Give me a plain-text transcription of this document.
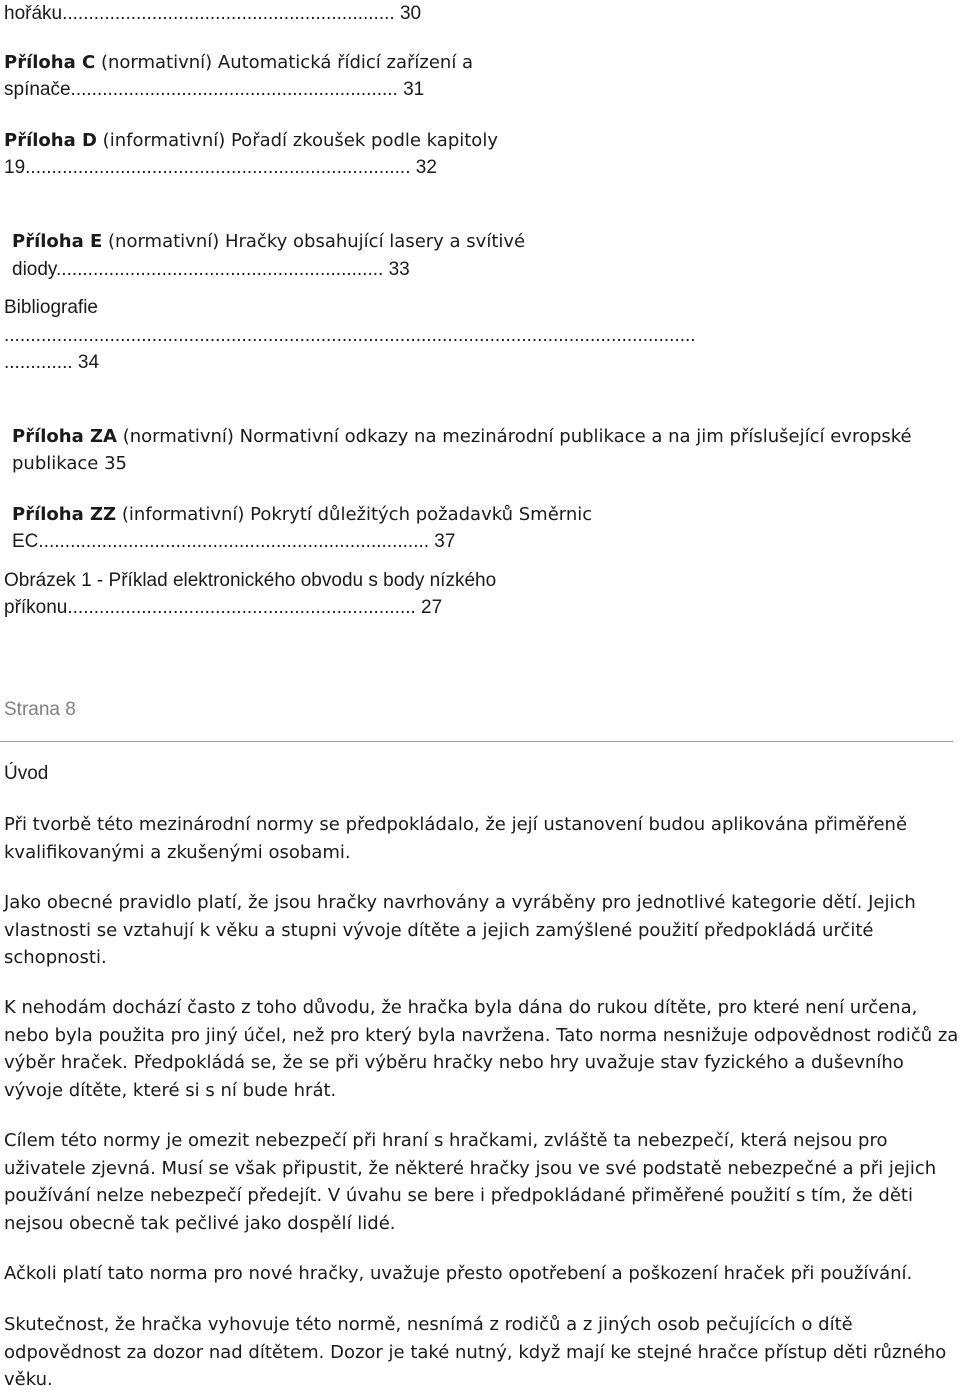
hořáku............................................................... 30
Příloha C (normativní) Automatická řídicí zařízení a
spínače.............................................................. 31
Příloha D (informativní) Pořadí zkoušek podle kapitoly
19......................................................................... 32
Příloha E (normativní) Hračky obsahující lasery a svítivé
diody.............................................................. 33
Bibliografie
...................................................................................................................................
............. 34
Příloha ZA (normativní) Normativní odkazy na mezinárodní publikace a na jim příslušející evropské
publikace 35
Příloha ZZ (informativní) Pokrytí důležitých požadavků Směrnic
EC.......................................................................... 37
Obrázek 1 - Příklad elektronického obvodu s body nízkého
příkonu.................................................................. 27
Strana 8
Úvod

Při tvorbě této mezinárodní normy se předpokládalo, že její ustanovení budou aplikována přiměřeně kvalifikovanými a zkušenými osobami.

Jako obecné pravidlo platí, že jsou hračky navrhovány a vyráběny pro jednotlivé kategorie dětí. Jejich vlastnosti se vztahují k věku a stupni vývoje dítěte a jejich zamýšlené použití předpokládá určité schopnosti.

K nehodám dochází často z toho důvodu, že hračka byla dána do rukou dítěte, pro které není určena, nebo byla použita pro jiný účel, než pro který byla navržena. Tato norma nesnižuje odpovědnost rodičů za výběr hraček. Předpokládá se, že se při výběru hračky nebo hry uvažuje stav fyzického a duševního vývoje dítěte, které si s ní bude hrát.

Cílem této normy je omezit nebezpečí při hraní s hračkami, zvláště ta nebezpečí, která nejsou pro uživatele zjevná. Musí se však připustit, že některé hračky jsou ve své podstatě nebezpečné a při jejich používání nelze nebezpečí předejít. V úvahu se bere i předpokládané přiměřené použití s tím, že děti nejsou obecně tak pečlivé jako dospělí lidé.

Ačkoli platí tato norma pro nové hračky, uvažuje přesto opotřebení a poškození hraček při používání.

Skutečnost, že hračka vyhovuje této normě, nesnímá z rodičů a z jiných osob pečujících o dítě odpovědnost za dozor nad dítětem. Dozor je také nutný, když mají ke stejné hračce přístup děti různého věku.
